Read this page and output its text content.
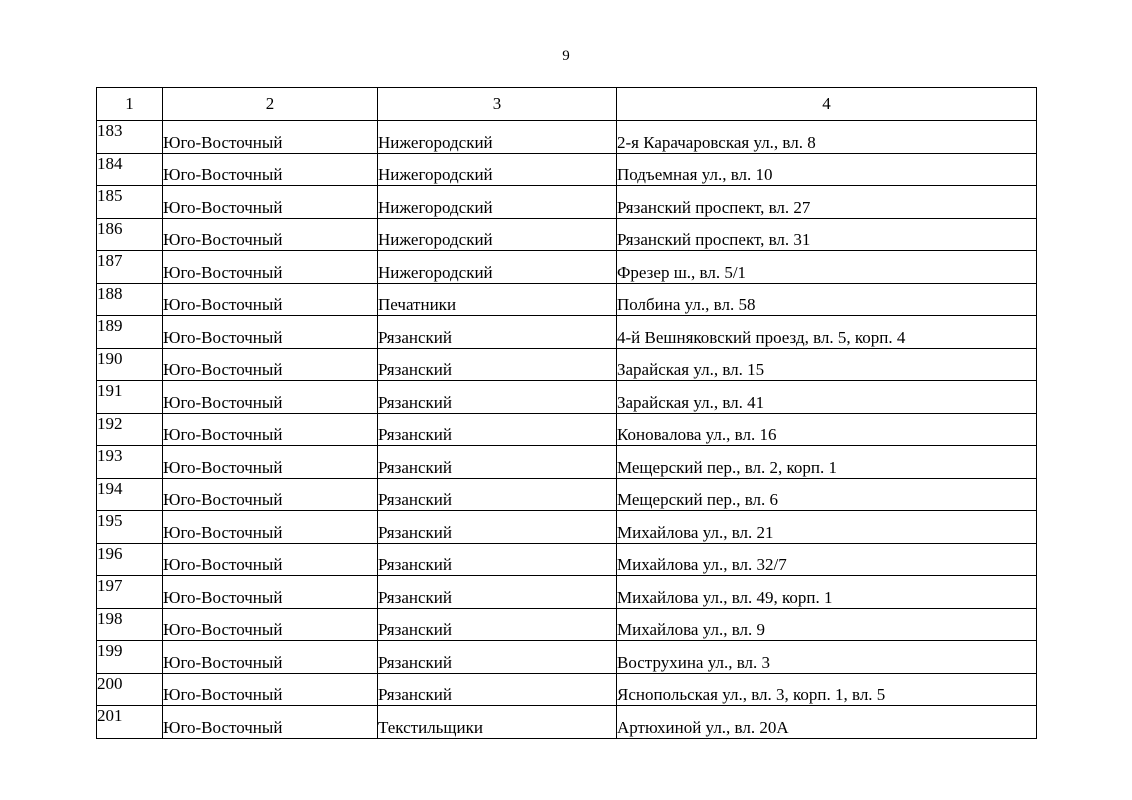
9
1	2	3	4
183	Юго-Восточный	Нижегородский	2-я Карачаровская ул., вл. 8
184	Юго-Восточный	Нижегородский	Подъемная ул., вл. 10
185	Юго-Восточный	Нижегородский	Рязанский проспект, вл. 27
186	Юго-Восточный	Нижегородский	Рязанский проспект, вл. 31
187	Юго-Восточный	Нижегородский	Фрезер ш., вл. 5/1
188	Юго-Восточный	Печатники	Полбина ул., вл. 58
189	Юго-Восточный	Рязанский	4-й Вешняковский проезд, вл. 5, корп. 4
190	Юго-Восточный	Рязанский	Зарайская ул., вл. 15
191	Юго-Восточный	Рязанский	Зарайская ул., вл. 41
192	Юго-Восточный	Рязанский	Коновалова ул., вл. 16
193	Юго-Восточный	Рязанский	Мещерский пер., вл. 2, корп. 1
194	Юго-Восточный	Рязанский	Мещерский пер., вл. 6
195	Юго-Восточный	Рязанский	Михайлова ул., вл. 21
196	Юго-Восточный	Рязанский	Михайлова ул., вл. 32/7
197	Юго-Восточный	Рязанский	Михайлова ул., вл. 49, корп. 1
198	Юго-Восточный	Рязанский	Михайлова ул., вл. 9
199	Юго-Восточный	Рязанский	Вострухина ул., вл. 3
200	Юго-Восточный	Рязанский	Яснопольская ул., вл. 3, корп. 1, вл. 5
201	Юго-Восточный	Текстильщики	Артюхиной ул., вл. 20А
